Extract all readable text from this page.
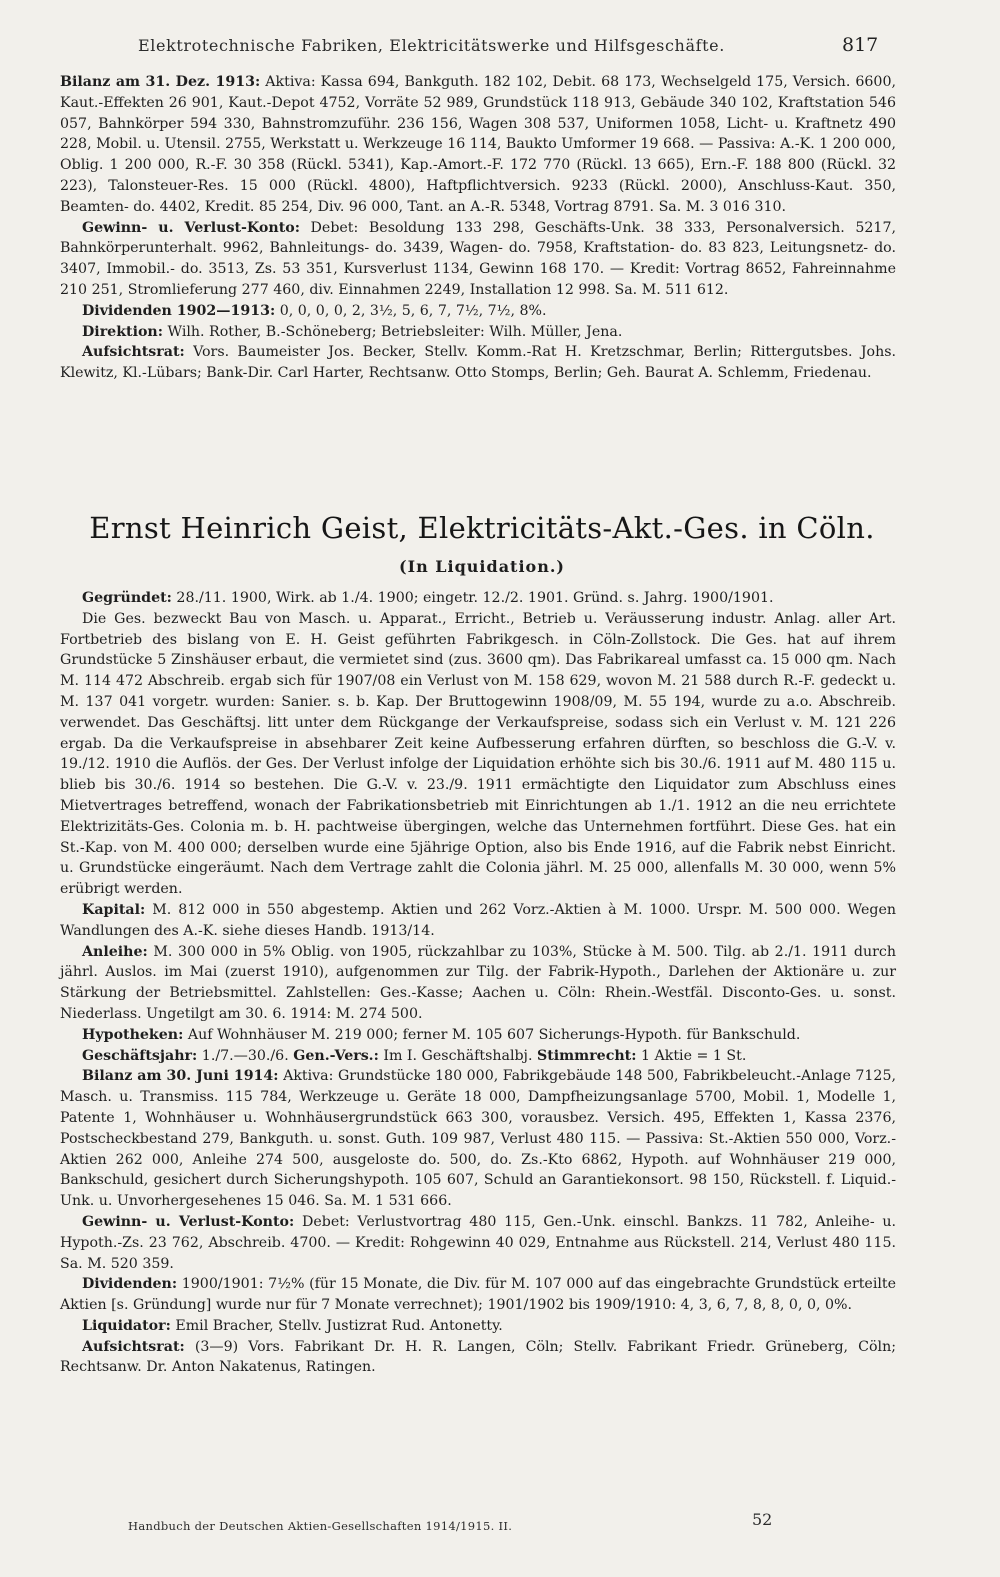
Elektrotechnische Fabriken, Elektricitätswerke und Hilfsgeschäfte.	817

Bilanz am 31. Dez. 1913: Aktiva: Kassa 694, Bankguth. 182 102, Debit. 68 173, Wechselgeld 175, Versich. 6600, Kaut.-Effekten 26 901, Kaut.-Depot 4752, Vorräte 52 989, Grundstück 118 913, Gebäude 340 102, Kraftstation 546 057, Bahnkörper 594 330, Bahnstromzuführ. 236 156, Wagen 308 537, Uniformen 1058, Licht- u. Kraftnetz 490 228, Mobil. u. Utensil. 2755, Werkstatt u. Werkzeuge 16 114, Baukto Umformer 19 668. — Passiva: A.-K. 1 200 000, Oblig. 1 200 000, R.-F. 30 358 (Rückl. 5341), Kap.-Amort.-F. 172 770 (Rückl. 13 665), Ern.-F. 188 800 (Rückl. 32 223), Talonsteuer-Res. 15 000 (Rückl. 4800), Haftpflichtversich. 9233 (Rückl. 2000), Anschluss-Kaut. 350, Beamten- do. 4402, Kredit. 85 254, Div. 96 000, Tant. an A.-R. 5348, Vortrag 8791. Sa. M. 3 016 310.

Gewinn- u. Verlust-Konto: Debet: Besoldung 133 298, Geschäfts-Unk. 38 333, Personalversich. 5217, Bahnkörperunterhalt. 9962, Bahnleitungs- do. 3439, Wagen- do. 7958, Kraftstation- do. 83 823, Leitungsnetz- do. 3407, Immobil.- do. 3513, Zs. 53 351, Kursverlust 1134, Gewinn 168 170. — Kredit: Vortrag 8652, Fahreinnahme 210 251, Stromlieferung 277 460, div. Einnahmen 2249, Installation 12 998. Sa. M. 511 612.

Dividenden 1902—1913: 0, 0, 0, 0, 2, 3½, 5, 6, 7, 7½, 7½, 8%.

Direktion: Wilh. Rother, B.-Schöneberg; Betriebsleiter: Wilh. Müller, Jena.

Aufsichtsrat: Vors. Baumeister Jos. Becker, Stellv. Komm.-Rat H. Kretzschmar, Berlin; Rittergutsbes. Johs. Klewitz, Kl.-Lübars; Bank-Dir. Carl Harter, Rechtsanw. Otto Stomps, Berlin; Geh. Baurat A. Schlemm, Friedenau.

Ernst Heinrich Geist, Elektricitäts-Akt.-Ges. in Cöln.
(In Liquidation.)

Gegründet: 28./11. 1900, Wirk. ab 1./4. 1900; eingetr. 12./2. 1901. Gründ. s. Jahrg. 1900/1901.

Die Ges. bezweckt Bau von Masch. u. Apparat., Erricht., Betrieb u. Veräusserung industr. Anlag. aller Art. Fortbetrieb des bislang von E. H. Geist geführten Fabrikgesch. in Cöln-Zollstock. Die Ges. hat auf ihrem Grundstücke 5 Zinshäuser erbaut, die vermietet sind (zus. 3600 qm). Das Fabrikareal umfasst ca. 15 000 qm. Nach M. 114 472 Abschreib. ergab sich für 1907/08 ein Verlust von M. 158 629, wovon M. 21 588 durch R.-F. gedeckt u. M. 137 041 vorgetr. wurden: Sanier. s. b. Kap. Der Bruttogewinn 1908/09, M. 55 194, wurde zu a.o. Abschreib. verwendet. Das Geschäftsj. litt unter dem Rückgange der Verkaufspreise, sodass sich ein Verlust v. M. 121 226 ergab. Da die Verkaufspreise in absehbarer Zeit keine Aufbesserung erfahren dürften, so beschloss die G.-V. v. 19./12. 1910 die Auflös. der Ges. Der Verlust infolge der Liquidation erhöhte sich bis 30./6. 1911 auf M. 480 115 u. blieb bis 30./6. 1914 so bestehen. Die G.-V. v. 23./9. 1911 ermächtigte den Liquidator zum Abschluss eines Mietvertrages betreffend, wonach der Fabrikationsbetrieb mit Einrichtungen ab 1./1. 1912 an die neu errichtete Elektrizitäts-Ges. Colonia m. b. H. pachtweise übergingen, welche das Unternehmen fortführt. Diese Ges. hat ein St.-Kap. von M. 400 000; derselben wurde eine 5jährige Option, also bis Ende 1916, auf die Fabrik nebst Einricht. u. Grundstücke eingeräumt. Nach dem Vertrage zahlt die Colonia jährl. M. 25 000, allenfalls M. 30 000, wenn 5% erübrigt werden.

Kapital: M. 812 000 in 550 abgestemp. Aktien und 262 Vorz.-Aktien à M. 1000. Urspr. M. 500 000. Wegen Wandlungen des A.-K. siehe dieses Handb. 1913/14.

Anleihe: M. 300 000 in 5% Oblig. von 1905, rückzahlbar zu 103%, Stücke à M. 500. Tilg. ab 2./1. 1911 durch jährl. Auslos. im Mai (zuerst 1910), aufgenommen zur Tilg. der Fabrik-Hypoth., Darlehen der Aktionäre u. zur Stärkung der Betriebsmittel. Zahlstellen: Ges.-Kasse; Aachen u. Cöln: Rhein.-Westfäl. Disconto-Ges. u. sonst. Niederlass. Ungetilgt am 30. 6. 1914: M. 274 500.

Hypotheken: Auf Wohnhäuser M. 219 000; ferner M. 105 607 Sicherungs-Hypoth. für Bankschuld.

Geschäftsjahr: 1./7.—30./6. Gen.-Vers.: Im I. Geschäftshalbj. Stimmrecht: 1 Aktie = 1 St.

Bilanz am 30. Juni 1914: Aktiva: Grundstücke 180 000, Fabrikgebäude 148 500, Fabrikbeleucht.-Anlage 7125, Masch. u. Transmiss. 115 784, Werkzeuge u. Geräte 18 000, Dampfheizungsanlage 5700, Mobil. 1, Modelle 1, Patente 1, Wohnhäuser u. Wohnhäusergrundstück 663 300, vorausbez. Versich. 495, Effekten 1, Kassa 2376, Postscheckbestand 279, Bankguth. u. sonst. Guth. 109 987, Verlust 480 115. — Passiva: St.-Aktien 550 000, Vorz.-Aktien 262 000, Anleihe 274 500, ausgeloste do. 500, do. Zs.-Kto 6862, Hypoth. auf Wohnhäuser 219 000, Bankschuld, gesichert durch Sicherungshypoth. 105 607, Schuld an Garantiekonsort. 98 150, Rückstell. f. Liquid.-Unk. u. Unvorhergesehenes 15 046. Sa. M. 1 531 666.

Gewinn- u. Verlust-Konto: Debet: Verlustvortrag 480 115, Gen.-Unk. einschl. Bankzs. 11 782, Anleihe- u. Hypoth.-Zs. 23 762, Abschreib. 4700. — Kredit: Rohgewinn 40 029, Entnahme aus Rückstell. 214, Verlust 480 115. Sa. M. 520 359.

Dividenden: 1900/1901: 7½% (für 15 Monate, die Div. für M. 107 000 auf das eingebrachte Grundstück erteilte Aktien [s. Gründung] wurde nur für 7 Monate verrechnet); 1901/1902 bis 1909/1910: 4, 3, 6, 7, 8, 8, 0, 0, 0%.

Liquidator: Emil Bracher, Stellv. Justizrat Rud. Antonetty.

Aufsichtsrat: (3—9) Vors. Fabrikant Dr. H. R. Langen, Cöln; Stellv. Fabrikant Friedr. Grüneberg, Cöln; Rechtsanw. Dr. Anton Nakatenus, Ratingen.

Handbuch der Deutschen Aktien-Gesellschaften 1914/1915. II.	52
